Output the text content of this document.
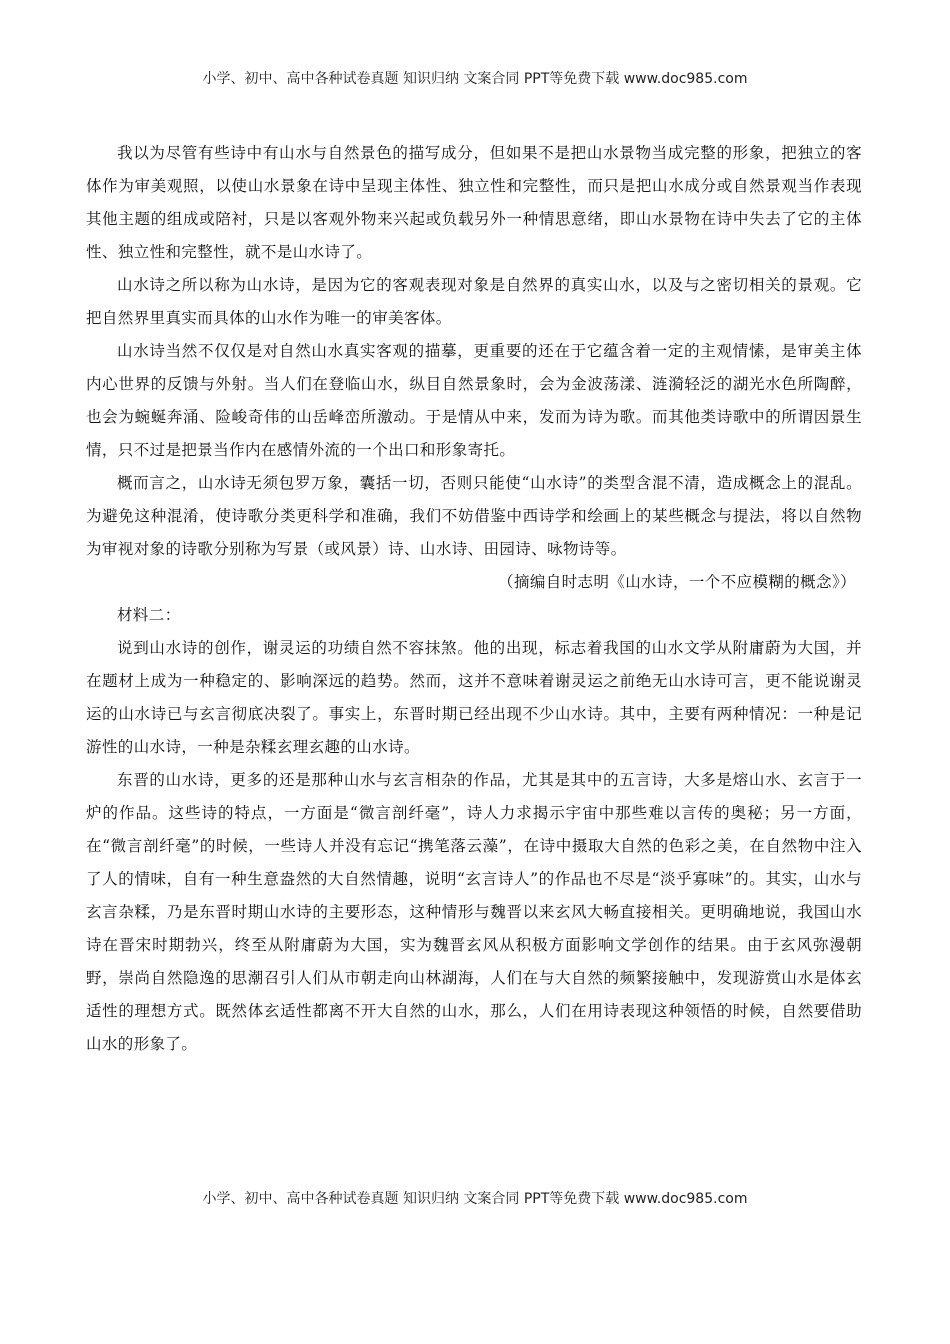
小学、初中、高中各种试卷真题 知识归纳 文案合同 PPT等免费下载 www.doc985.com

我以为尽管有些诗中有山水与自然景色的描写成分，但如果不是把山水景物当成完整的形象，把独立的客体作为审美观照，以使山水景象在诗中呈现主体性、独立性和完整性，而只是把山水成分或自然景观当作表现其他主题的组成或陪衬，只是以客观外物来兴起或负载另外一种情思意绪，即山水景物在诗中失去了它的主体性、独立性和完整性，就不是山水诗了。

山水诗之所以称为山水诗，是因为它的客观表现对象是自然界的真实山水，以及与之密切相关的景观。它把自然界里真实而具体的山水作为唯一的审美客体。

山水诗当然不仅仅是对自然山水真实客观的描摹，更重要的还在于它蕴含着一定的主观情愫，是审美主体内心世界的反馈与外射。当人们在登临山水，纵目自然景象时，会为金波荡漾、涟漪轻泛的湖光水色所陶醉，也会为蜿蜒奔涌、险峻奇伟的山岳峰峦所激动。于是情从中来，发而为诗为歌。而其他类诗歌中的所谓因景生情，只不过是把景当作内在感情外流的一个出口和形象寄托。

概而言之，山水诗无须包罗万象，囊括一切，否则只能使“山水诗”的类型含混不清，造成概念上的混乱。为避免这种混淆，使诗歌分类更科学和准确，我们不妨借鉴中西诗学和绘画上的某些概念与提法，将以自然物为审视对象的诗歌分别称为写景（或风景）诗、山水诗、田园诗、咏物诗等。

（摘编自时志明《山水诗，一个不应模糊的概念》）

材料二：

说到山水诗的创作，谢灵运的功绩自然不容抹煞。他的出现，标志着我国的山水文学从附庸蔚为大国，并在题材上成为一种稳定的、影响深远的趋势。然而，这并不意味着谢灵运之前绝无山水诗可言，更不能说谢灵运的山水诗已与玄言彻底决裂了。事实上，东晋时期已经出现不少山水诗。其中，主要有两种情况：一种是记游性的山水诗，一种是杂糅玄理玄趣的山水诗。

东晋的山水诗，更多的还是那种山水与玄言相杂的作品，尤其是其中的五言诗，大多是熔山水、玄言于一炉的作品。这些诗的特点，一方面是“微言剖纤毫”，诗人力求揭示宇宙中那些难以言传的奥秘；另一方面，在“微言剖纤毫”的时候，一些诗人并没有忘记“携笔落云藻”，在诗中摄取大自然的色彩之美，在自然物中注入了人的情味，自有一种生意盎然的大自然情趣，说明“玄言诗人”的作品也不尽是“淡乎寡味”的。其实，山水与玄言杂糅，乃是东晋时期山水诗的主要形态，这种情形与魏晋以来玄风大畅直接相关。更明确地说，我国山水诗在晋宋时期勃兴，终至从附庸蔚为大国，实为魏晋玄风从积极方面影响文学创作的结果。由于玄风弥漫朝野，崇尚自然隐逸的思潮召引人们从市朝走向山林湖海，人们在与大自然的频繁接触中，发现游赏山水是体玄适性的理想方式。既然体玄适性都离不开大自然的山水，那么，人们在用诗表现这种领悟的时候，自然要借助山水的形象了。

小学、初中、高中各种试卷真题 知识归纳 文案合同 PPT等免费下载 www.doc985.com
